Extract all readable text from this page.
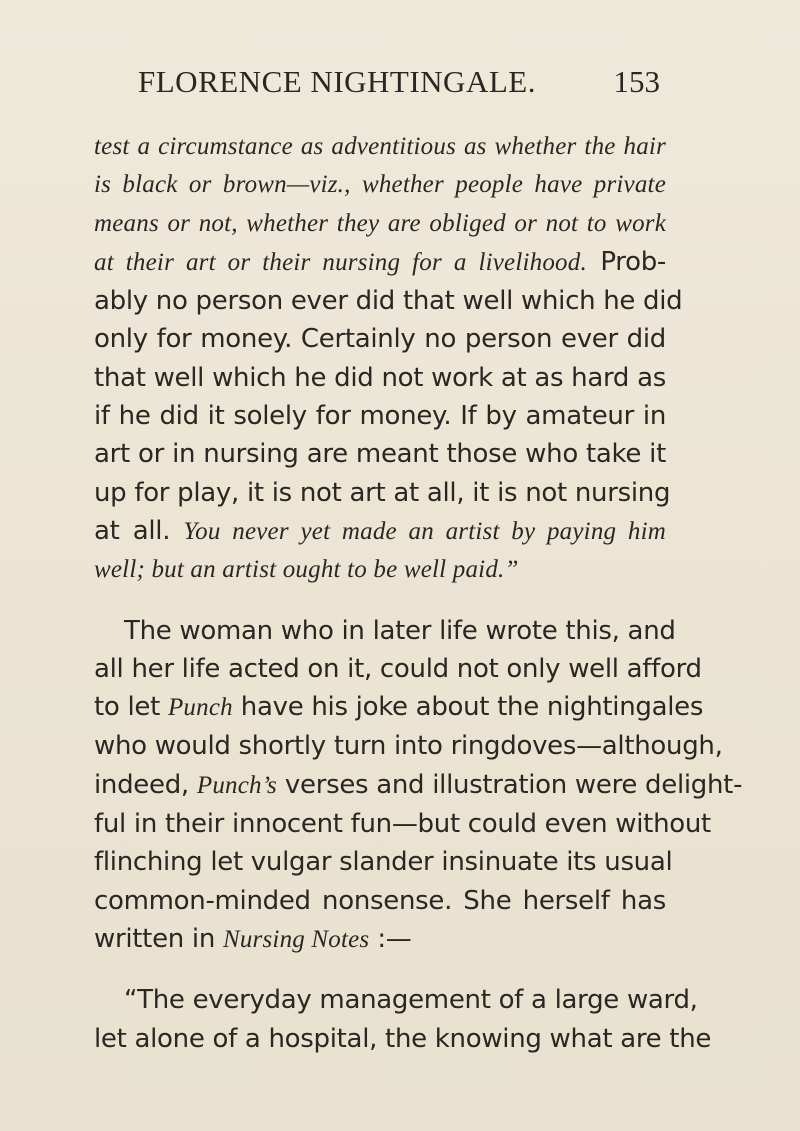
FLORENCE NIGHTINGALE.	153
test a circumstance as adventitious as whether the hair
is black or brown—viz., whether people have private
means or not, whether they are obliged or not to work
at their art or their nursing for a livelihood. Prob-
ably no person ever did that well which he did
only for money. Certainly no person ever did
that well which he did not work at as hard as
if he did it solely for money. If by amateur in
art or in nursing are meant those who take it
up for play, it is not art at all, it is not nursing
at all. You never yet made an artist by paying him
well; but an artist ought to be well paid.”
The woman who in later life wrote this, and
all her life acted on it, could not only well afford
to let Punch have his joke about the nightingales
who would shortly turn into ringdoves—although,
indeed, Punch’s verses and illustration were delight-
ful in their innocent fun—but could even without
flinching let vulgar slander insinuate its usual
common-minded nonsense. She herself has
written in Nursing Notes :—
“The everyday management of a large ward,
let alone of a hospital, the knowing what are the
